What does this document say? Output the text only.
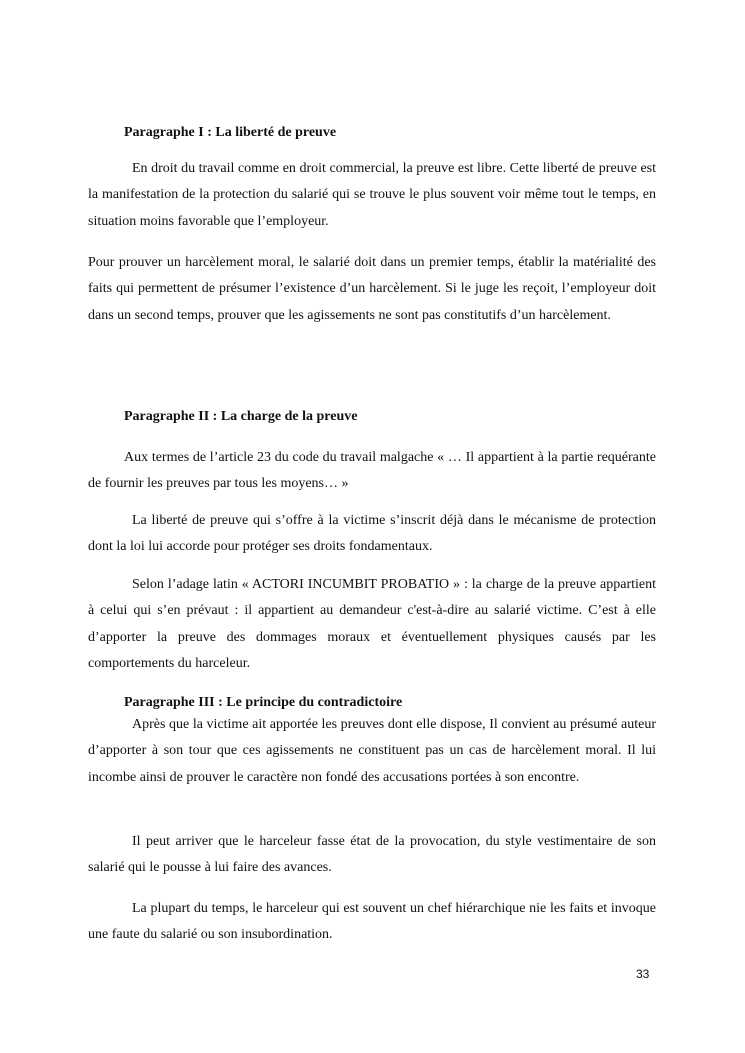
Paragraphe I : La liberté de preuve
En droit du travail comme en droit commercial, la preuve est libre. Cette liberté de preuve est la manifestation de la protection du salarié qui se trouve le plus souvent voir même tout le temps, en situation moins favorable que l’employeur.
Pour prouver un harcèlement moral, le salarié doit dans un premier temps, établir la matérialité des faits qui permettent de présumer l’existence d’un harcèlement. Si le juge les reçoit, l’employeur doit dans un second temps, prouver que les agissements ne sont pas constitutifs d’un harcèlement.
Paragraphe II : La charge de la preuve
Aux termes de l’article 23 du code du travail malgache « … Il appartient à la partie requérante de fournir les preuves par tous les moyens… »
La liberté de preuve qui s’offre à la victime s’inscrit déjà dans le mécanisme de protection dont la loi lui accorde pour protéger ses droits fondamentaux.
Selon l’adage latin « ACTORI INCUMBIT PROBATIO » : la charge de la preuve appartient à celui qui s’en prévaut : il appartient au demandeur c'est-à-dire au salarié victime. C’est à elle d’apporter la preuve des dommages moraux et éventuellement physiques causés par les comportements du harceleur.
Paragraphe III : Le principe du contradictoire
Après que la victime ait apportée les preuves dont elle dispose, Il convient au présumé auteur d’apporter à son tour que ces agissements ne constituent pas un cas de harcèlement moral. Il lui incombe ainsi de prouver le caractère non fondé des accusations portées à son encontre.
Il peut arriver que le harceleur fasse état de la provocation, du style vestimentaire de son salarié qui le pousse à lui faire des avances.
La plupart du temps, le harceleur qui est souvent un chef hiérarchique nie les faits et invoque une faute du salarié ou son insubordination.
33
